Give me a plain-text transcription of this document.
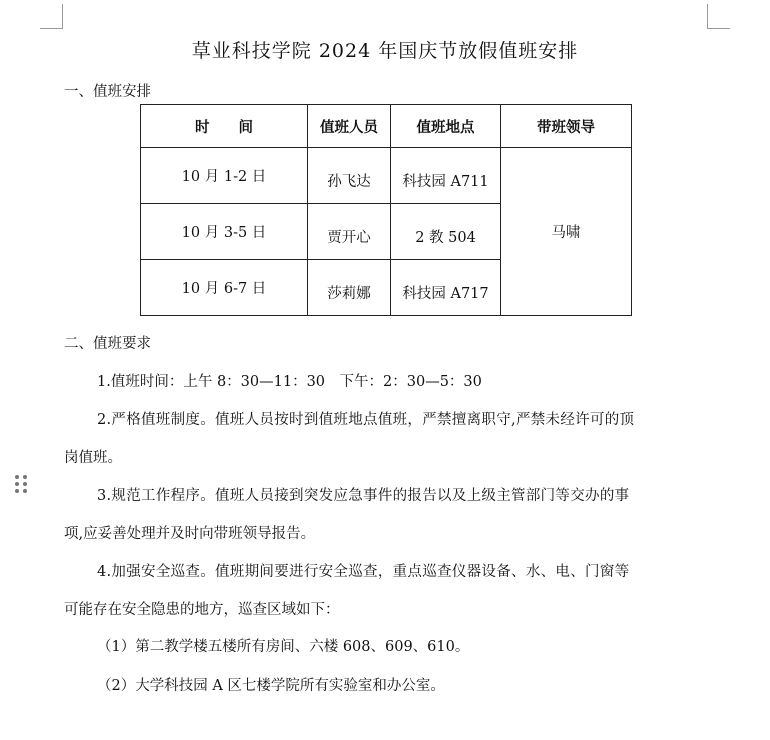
草业科技学院 2024 年国庆节放假值班安排
一、值班安排
时　　间	值班人员	值班地点	带班领导
10 月 1-2 日	孙飞达	科技园 A711	马啸
10 月 3-5 日	贾开心	2 教 504	
10 月 6-7 日	莎莉娜	科技园 A717	
二、值班要求
1.值班时间：上午 8：30—11：30　下午：2：30—5：30
2.严格值班制度。值班人员按时到值班地点值班，严禁擅离职守,严禁未经许可的顶
岗值班。
3.规范工作程序。值班人员接到突发应急事件的报告以及上级主管部门等交办的事
项,应妥善处理并及时向带班领导报告。
4.加强安全巡查。值班期间要进行安全巡查，重点巡查仪器设备、水、电、门窗等
可能存在安全隐患的地方，巡查区域如下：
（1）第二教学楼五楼所有房间、六楼 608、609、610。
（2）大学科技园 A 区七楼学院所有实验室和办公室。
